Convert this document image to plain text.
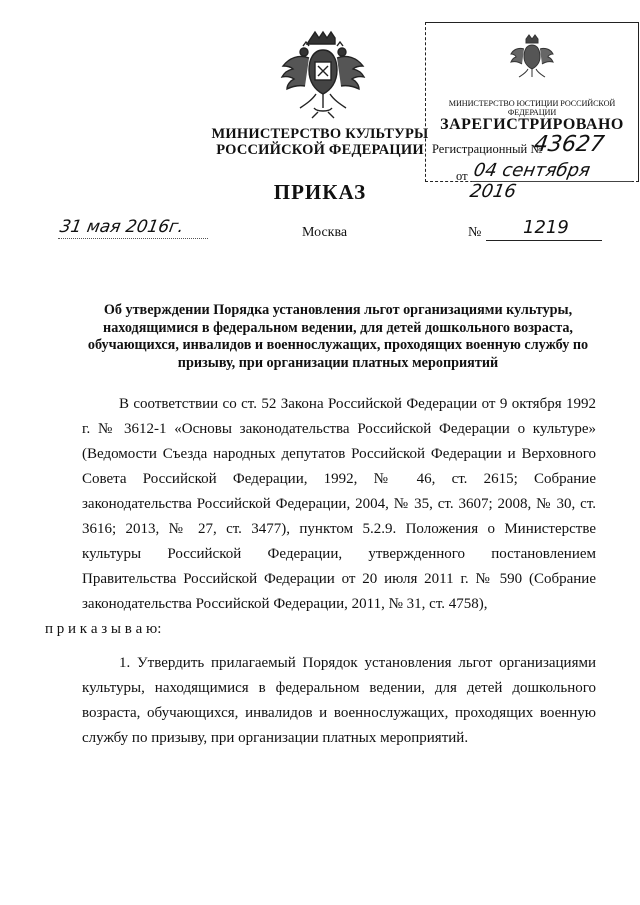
МИНИСТЕРСТВО КУЛЬТУРЫ
РОССИЙСКОЙ ФЕДЕРАЦИИ
МИНИСТЕРСТВО ЮСТИЦИИ РОССИЙСКОЙ ФЕДЕРАЦИИ
ЗАРЕГИСТРИРОВАНО
Регистрационный №
43627
от 04 сентября 2016
ПРИКАЗ
31 мая 2016г.	Москва	№ 1219
Об утверждении Порядка установления льгот организациями культуры, находящимися в федеральном ведении, для детей дошкольного возраста, обучающихся, инвалидов и военнослужащих, проходящих военную службу по призыву, при организации платных мероприятий
В соответствии со ст. 52 Закона Российской Федерации от 9 октября 1992 г. № 3612-1 «Основы законодательства Российской Федерации о культуре» (Ведомости Съезда народных депутатов Российской Федерации и Верховного Совета Российской Федерации, 1992, № 46, ст. 2615; Собрание законодательства Российской Федерации, 2004, № 35, ст. 3607; 2008, № 30, ст. 3616; 2013, № 27, ст. 3477), пунктом 5.2.9. Положения о Министерстве культуры Российской Федерации, утвержденного постановлением Правительства Российской Федерации от 20 июля 2011 г. № 590 (Собрание законодательства Российской Федерации, 2011, № 31, ст. 4758),
п р и к а з ы в а ю:
1. Утвердить прилагаемый Порядок установления льгот организациями культуры, находящимися в федеральном ведении, для детей дошкольного возраста, обучающихся, инвалидов и военнослужащих, проходящих военную службу по призыву, при организации платных мероприятий.
